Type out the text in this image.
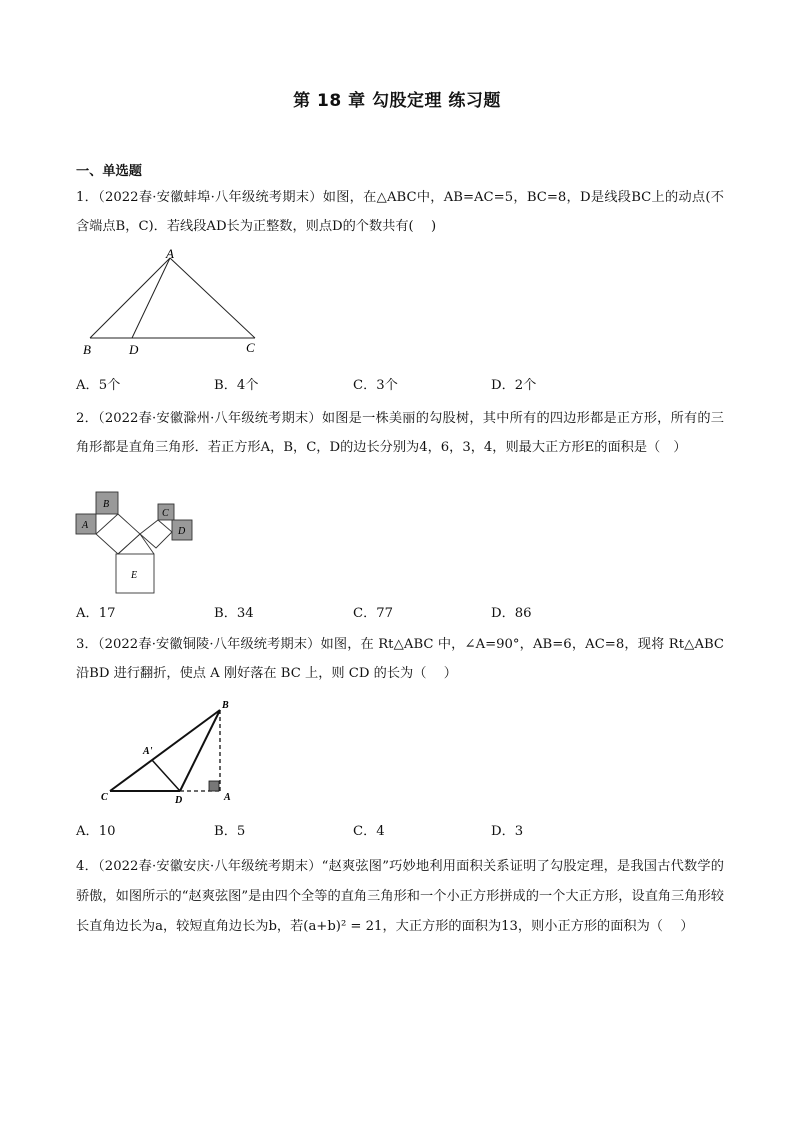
第 18 章 勾股定理 练习题
一、单选题
1．（2022春·安徽蚌埠·八年级统考期末）如图，在△ABC中，AB=AC=5，BC=8，D是线段BC上的动点(不含端点B，C)．若线段AD长为正整数，则点D的个数共有(　 )
A
B	D	C
A．5个	B．4个	C．3个	D．2个
2．（2022春·安徽滁州·八年级统考期末）如图是一株美丽的勾股树，其中所有的四边形都是正方形，所有的三角形都是直角三角形．若正方形A，B，C，D的边长分别为4，6，3，4，则最大正方形E的面积是（　）
A
B
C
D
E
A．17	B．34	C．77	D．86
3．（2022春·安徽铜陵·八年级统考期末）如图，在 Rt△ABC 中，∠A=90°，AB=6，AC=8，现将 Rt△ABC 沿BD 进行翻折，使点 A 刚好落在 BC 上，则 CD 的长为（　 ）
B
A'
C	D	A
A．10	B．5	C．4	D．3
4．（2022春·安徽安庆·八年级统考期末）“赵爽弦图”巧妙地利用面积关系证明了勾股定理，是我国古代数学的骄傲，如图所示的“赵爽弦图”是由四个全等的直角三角形和一个小正方形拼成的一个大正方形，设直角三角形较长直角边长为a，较短直角边长为b，若(a+b)² = 21，大正方形的面积为13，则小正方形的面积为（　 ）
